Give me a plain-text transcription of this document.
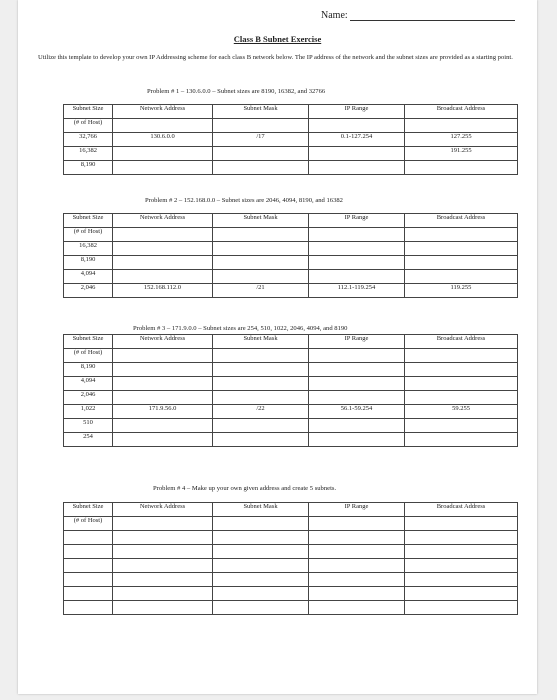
Name:
Class B Subnet Exercise
Utilize this template to develop your own IP Addressing scheme for each class B network below. The IP address of the network and the subnet sizes are provided as a starting point.
Problem # 1 – 130.6.0.0 – Subnet sizes are 8190, 16382, and 32766
Subnet Size	Network Address	Subnet Mask	IP Range	Broadcast Address
(# of Host)				
32,766	130.6.0.0	/17	0.1-127.254	127.255
16,382				191.255
8,190				
Problem # 2 – 152.168.0.0 – Subnet sizes are 2046, 4094, 8190, and 16382
Subnet Size	Network Address	Subnet Mask	IP Range	Broadcast Address
(# of Host)				
16,382				
8,190				
4,094				
2,046	152.168.112.0	/21	112.1-119.254	119.255
Problem # 3 – 171.9.0.0 – Subnet sizes are 254, 510, 1022, 2046, 4094, and 8190
Subnet Size	Network Address	Subnet Mask	IP Range	Broadcast Address
(# of Host)				
8,190				
4,094				
2,046				
1,022	171.9.56.0	/22	56.1-59.254	59.255
510				
254				
Problem # 4 – Make up your own given address and create 5 subnets.
Subnet Size	Network Address	Subnet Mask	IP Range	Broadcast Address
(# of Host)				
